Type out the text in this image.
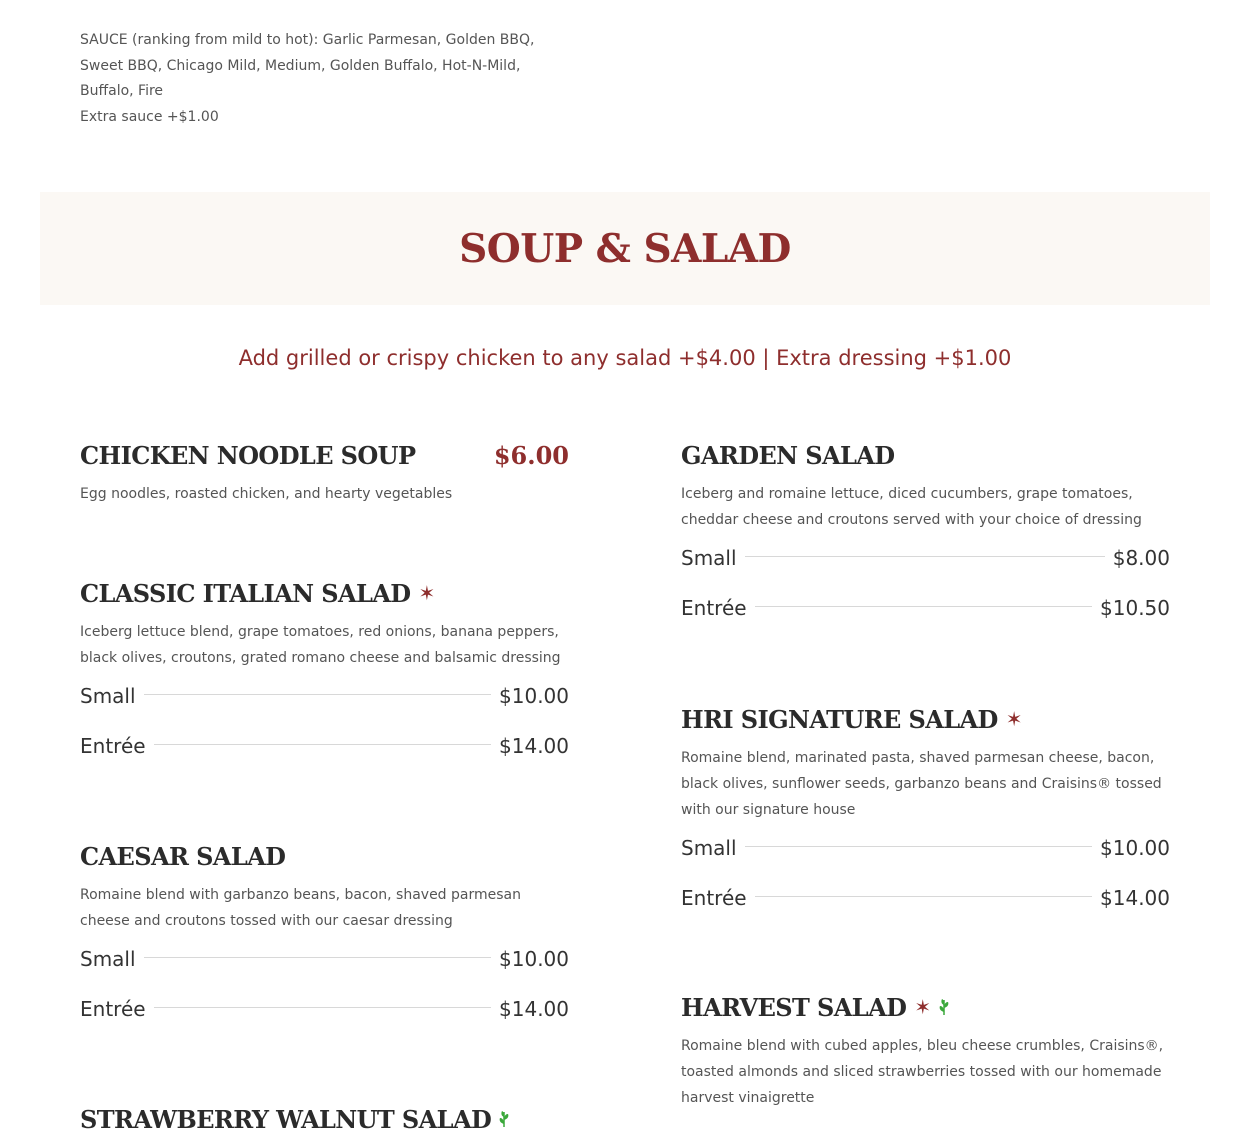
SAUCE (ranking from mild to hot): Garlic Parmesan, Golden BBQ, Sweet BBQ, Chicago Mild, Medium, Golden Buffalo, Hot-N-Mild, Buffalo, Fire

Extra sauce +$1.00

SOUP & SALAD
Add grilled or crispy chicken to any salad +$4.00 | Extra dressing +$1.00
CHICKEN NOODLE SOUP	$6.00
Egg noodles, roasted chicken, and hearty vegetables
CLASSIC ITALIAN SALAD ✶
Iceberg lettuce blend, grape tomatoes, red onions, banana peppers, black olives, croutons, grated romano cheese and balsamic dressing
Small	$10.00
Entrée	$14.00
CAESAR SALAD
Romaine blend with garbanzo beans, bacon, shaved parmesan cheese and croutons tossed with our caesar dressing
Small	$10.00
Entrée	$14.00
STRAWBERRY WALNUT SALAD
GARDEN SALAD
Iceberg and romaine lettuce, diced cucumbers, grape tomatoes, cheddar cheese and croutons served with your choice of dressing
Small	$8.00
Entrée	$10.50
HRI SIGNATURE SALAD ✶
Romaine blend, marinated pasta, shaved parmesan cheese, bacon, black olives, sunflower seeds, garbanzo beans and Craisins® tossed with our signature house
Small	$10.00
Entrée	$14.00
HARVEST SALAD ✶
Romaine blend with cubed apples, bleu cheese crumbles, Craisins®, toasted almonds and sliced strawberries tossed with our homemade harvest vinaigrette
